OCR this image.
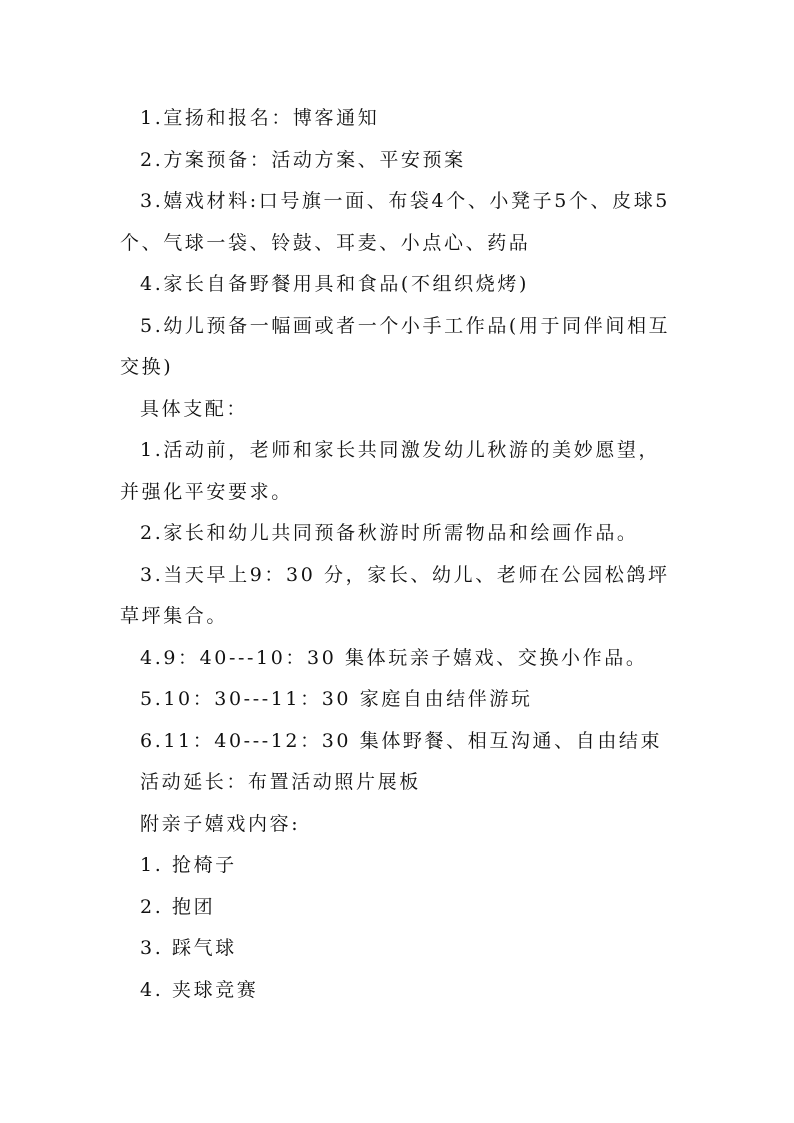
1.宣扬和报名：博客通知

2.方案预备：活动方案、平安预案

3.嬉戏材料:口号旗一面、布袋4个、小凳子5个、皮球5个、气球一袋、铃鼓、耳麦、小点心、药品

4.家长自备野餐用具和食品(不组织烧烤)

5.幼儿预备一幅画或者一个小手工作品(用于同伴间相互交换)

具体支配：

1.活动前，老师和家长共同激发幼儿秋游的美妙愿望，并强化平安要求。

2.家长和幼儿共同预备秋游时所需物品和绘画作品。

3.当天早上9：30 分，家长、幼儿、老师在公园松鸽坪草坪集合。

4.9：40---10：30 集体玩亲子嬉戏、交换小作品。

5.10：30---11：30 家庭自由结伴游玩

6.11：40---12：30 集体野餐、相互沟通、自由结束

活动延长：布置活动照片展板

附亲子嬉戏内容:

1. 抢椅子

2. 抱团

3. 踩气球

4. 夹球竞赛
